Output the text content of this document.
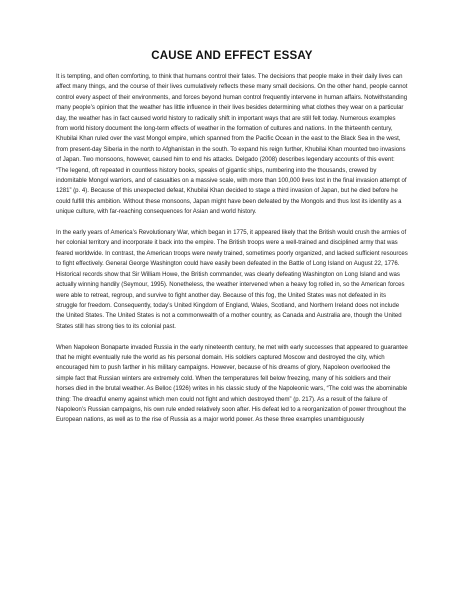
CAUSE AND EFFECT ESSAY

It is tempting, and often comforting, to think that humans control their fates. The decisions that people make in their daily lives can affect many things, and the course of their lives cumulatively reflects these many small decisions. On the other hand, people cannot control every aspect of their environments, and forces beyond human control frequently intervene in human affairs. Notwithstanding many people’s opinion that the weather has little influence in their lives besides determining what clothes they wear on a particular day, the weather has in fact caused world history to radically shift in important ways that are still felt today. Numerous examples from world history document the long-term effects of weather in the formation of cultures and nations. In the thirteenth century, Khubilai Khan ruled over the vast Mongol empire, which spanned from the Pacific Ocean in the east to the Black Sea in the west, from present-day Siberia in the north to Afghanistan in the south. To expand his reign further, Khubilai Khan mounted two invasions of Japan. Two monsoons, however, caused him to end his attacks. Delgado (2008) describes legendary accounts of this event: “The legend, oft repeated in countless history books, speaks of gigantic ships, numbering into the thousands, crewed by indomitable Mongol warriors, and of casualties on a massive scale, with more than 100,000 lives lost in the final invasion attempt of 1281” (p. 4). Because of this unexpected defeat, Khubilai Khan decided to stage a third invasion of Japan, but he died before he could fulfill this ambition. Without these monsoons, Japan might have been defeated by the Mongols and thus lost its identity as a unique culture, with far-reaching consequences for Asian and world history.

In the early years of America’s Revolutionary War, which began in 1775, it appeared likely that the British would crush the armies of her colonial territory and incorporate it back into the empire. The British troops were a well-trained and disciplined army that was feared worldwide. In contrast, the American troops were newly trained, sometimes poorly organized, and lacked sufficient resources to fight effectively. General George Washington could have easily been defeated in the Battle of Long Island on August 22, 1776. Historical records show that Sir William Howe, the British commander, was clearly defeating Washington on Long Island and was actually winning handily (Seymour, 1995). Nonetheless, the weather intervened when a heavy fog rolled in, so the American forces were able to retreat, regroup, and survive to fight another day. Because of this fog, the United States was not defeated in its struggle for freedom. Consequently, today’s United Kingdom of England, Wales, Scotland, and Northern Ireland does not include the United States. The United States is not a commonwealth of a mother country, as Canada and Australia are, though the United States still has strong ties to its colonial past.

When Napoleon Bonaparte invaded Russia in the early nineteenth century, he met with early successes that appeared to guarantee that he might eventually rule the world as his personal domain. His soldiers captured Moscow and destroyed the city, which encouraged him to push farther in his military campaigns. However, because of his dreams of glory, Napoleon overlooked the simple fact that Russian winters are extremely cold. When the temperatures fell below freezing, many of his soldiers and their horses died in the brutal weather. As Belloc (1926) writes in his classic study of the Napoleonic wars, “The cold was the abominable thing: The dreadful enemy against which men could not fight and which destroyed them” (p. 217). As a result of the failure of Napoleon’s Russian campaigns, his own rule ended relatively soon after. His defeat led to a reorganization of power throughout the European nations, as well as to the rise of Russia as a major world power. As these three examples unambiguously
